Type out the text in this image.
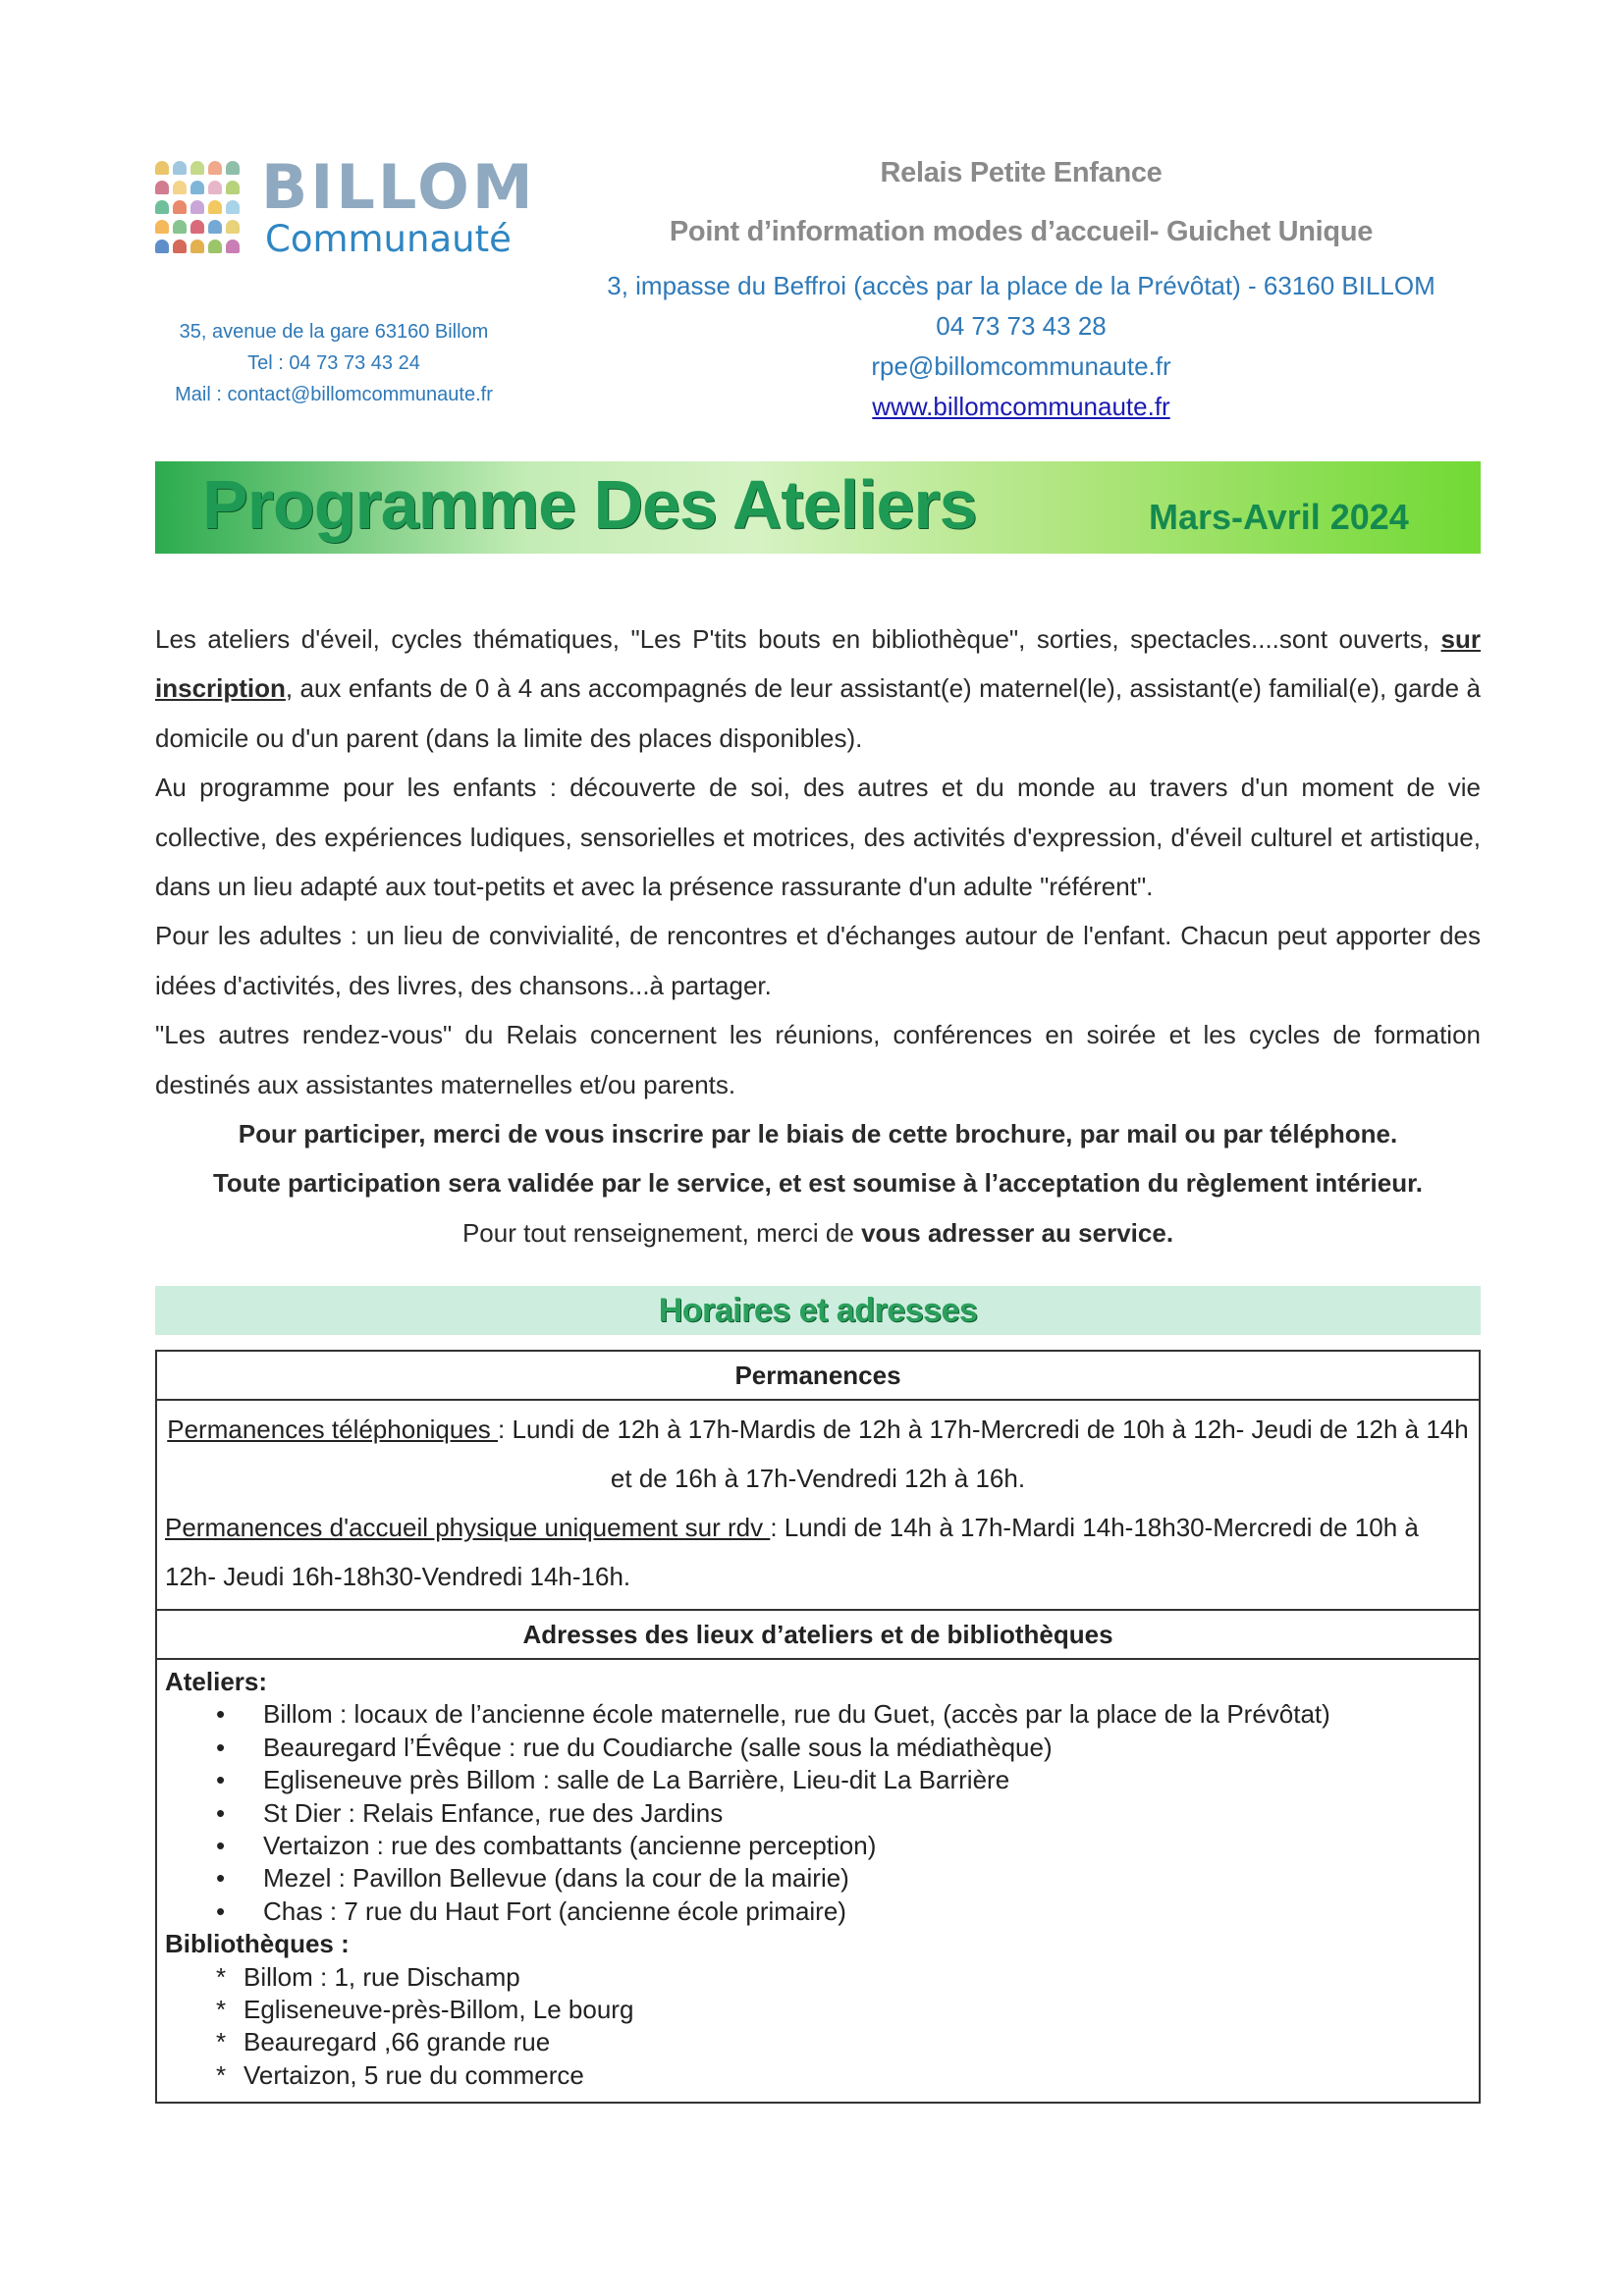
BILLOM
Communauté
35, avenue de la gare 63160 Billom
Tel : 04 73 73 43 24
Mail : contact@billomcommunaute.fr
Relais Petite Enfance
Point d’information modes d’accueil- Guichet Unique
3, impasse du Beffroi (accès par la place de la Prévôtat) - 63160 BILLOM
04 73 73 43 28
rpe@billomcommunaute.fr
www.billomcommunaute.fr
Programme Des Ateliers	Mars-Avril 2024

Les ateliers d'éveil, cycles thématiques, "Les P'tits bouts en bibliothèque", sorties, spectacles....sont ouverts, sur inscription, aux enfants de 0 à 4 ans accompagnés de leur assistant(e) maternel(le), assistant(e) familial(e), garde à domicile ou d'un parent (dans la limite des places disponibles).

Au programme pour les enfants : découverte de soi, des autres et du monde au travers d'un moment de vie collective, des expériences ludiques, sensorielles et motrices, des activités d'expression, d'éveil culturel et artistique, dans un lieu adapté aux tout-petits et avec la présence rassurante d'un adulte "référent".

Pour les adultes : un lieu de convivialité, de rencontres et d'échanges autour de l'enfant. Chacun peut apporter des idées d'activités, des livres, des chansons...à partager.

"Les autres rendez-vous" du Relais concernent les réunions, conférences en soirée et les cycles de formation destinés aux assistantes maternelles et/ou parents.

Pour participer, merci de vous inscrire par le biais de cette brochure, par mail ou par téléphone.

Toute participation sera validée par le service, et est soumise à l’acceptation du règlement intérieur.

Pour tout renseignement, merci de vous adresser au service.

Horaires et adresses
Permanences

Permanences téléphoniques : Lundi de 12h à 17h-Mardis de 12h à 17h-Mercredi de 10h à 12h- Jeudi de 12h à 14h et de 16h à 17h-Vendredi 12h à 16h.

Permanences d'accueil physique uniquement sur rdv : Lundi de 14h à 17h-Mardi 14h-18h30-Mercredi de 10h à 12h- Jeudi 16h-18h30-Vendredi 14h-16h.

Adresses des lieux d’ateliers et de bibliothèques

Ateliers:
• Billom : locaux de l’ancienne école maternelle, rue du Guet, (accès par la place de la Prévôtat)
• Beauregard l’Évêque : rue du Coudiarche (salle sous la médiathèque)
• Egliseneuve près Billom : salle de La Barrière, Lieu-dit La Barrière
• St Dier : Relais Enfance, rue des Jardins
• Vertaizon : rue des combattants (ancienne perception)
• Mezel : Pavillon Bellevue (dans la cour de la mairie)
• Chas : 7 rue du Haut Fort (ancienne école primaire)
Bibliothèques :
* Billom : 1, rue Dischamp
* Egliseneuve-près-Billom, Le bourg
* Beauregard ,66 grande rue
* Vertaizon, 5 rue du commerce
